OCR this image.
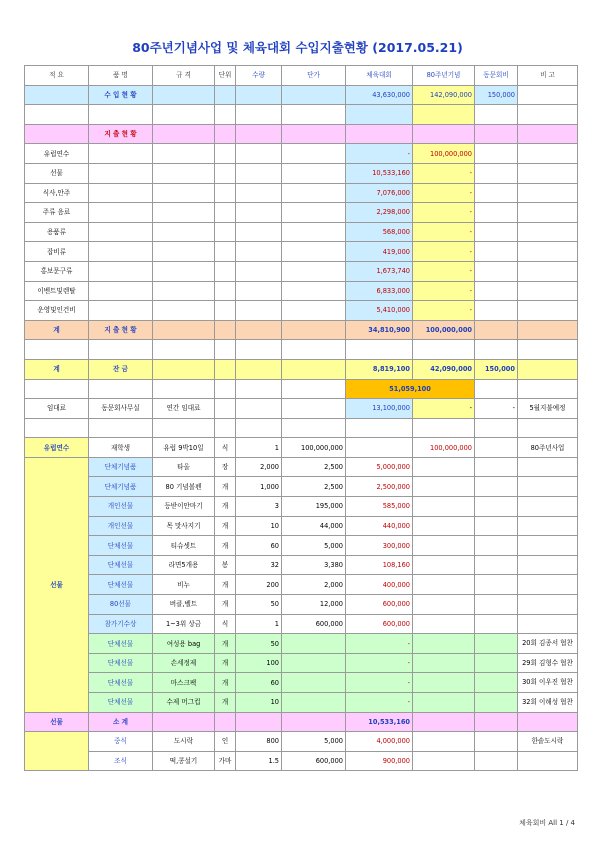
80주년기념사업 및 체육대회 수입지출현황 (2017.05.21)
적 요	품 명	규 격	단위	수량	단가	체육대회	80주년기념	동문회비	비 고
	수 입 현 황					43,630,000	142,090,000	150,000	

	지 출 현 황								
유럽연수						-	100,000,000		
선물						10,533,160	-		
식사,안주						7,076,000	-		
주류 음료						2,298,000	-		
용품류						568,000	-		
잡비류						419,000	-		
홍보문구류						1,673,740	-		
이벤트및렌탈						6,833,000	-		
운영및인건비						5,410,000	-		
계	지 출 현 황					34,810,900	100,000,000		

계	잔 금					8,819,100	42,090,000	150,000	
						51,059,100			
임대료	동문회사무실	연간 임대료				13,100,000	-	-	5월지불예정

유럽연수	재학생	유럽 9박10일	식	1	100,000,000		100,000,000		80주년사업
선물	단체기념품	타올	장	2,000	2,500	5,000,000			
	단체기념품	80 기념볼펜	개	1,000	2,500	2,500,000			
	개인선물	등받이안마기	개	3	195,000	585,000			
	개인선물	목 맛사지기	개	10	44,000	440,000			
	단체선물	티슈셋트	개	60	5,000	300,000			
	단체선물	라면5개용	봉	32	3,380	108,160			
	단체선물	비누	개	200	2,000	400,000			
	80선물	버클,벨트	개	50	12,000	600,000			
	참가기수상	1~3위 상금	식	1	600,000	600,000			
	단체선물	여성용 bag	개	50		-			20회 김종서 협찬
	단체선물	손세정제	개	100		-			29회 김형수 협찬
	단체선물	마스크팩	개	60		-			30회 이우진 협찬
	단체선물	수제 머그컵	개	10		-			32회 이해성 협찬
선물	소 계					10,533,160			
	중식	도시락	인	800	5,000	4,000,000			한솥도시락
	조식	떡,콩설기	가마	1.5	600,000	900,000			
체육회비 All 1 / 4
